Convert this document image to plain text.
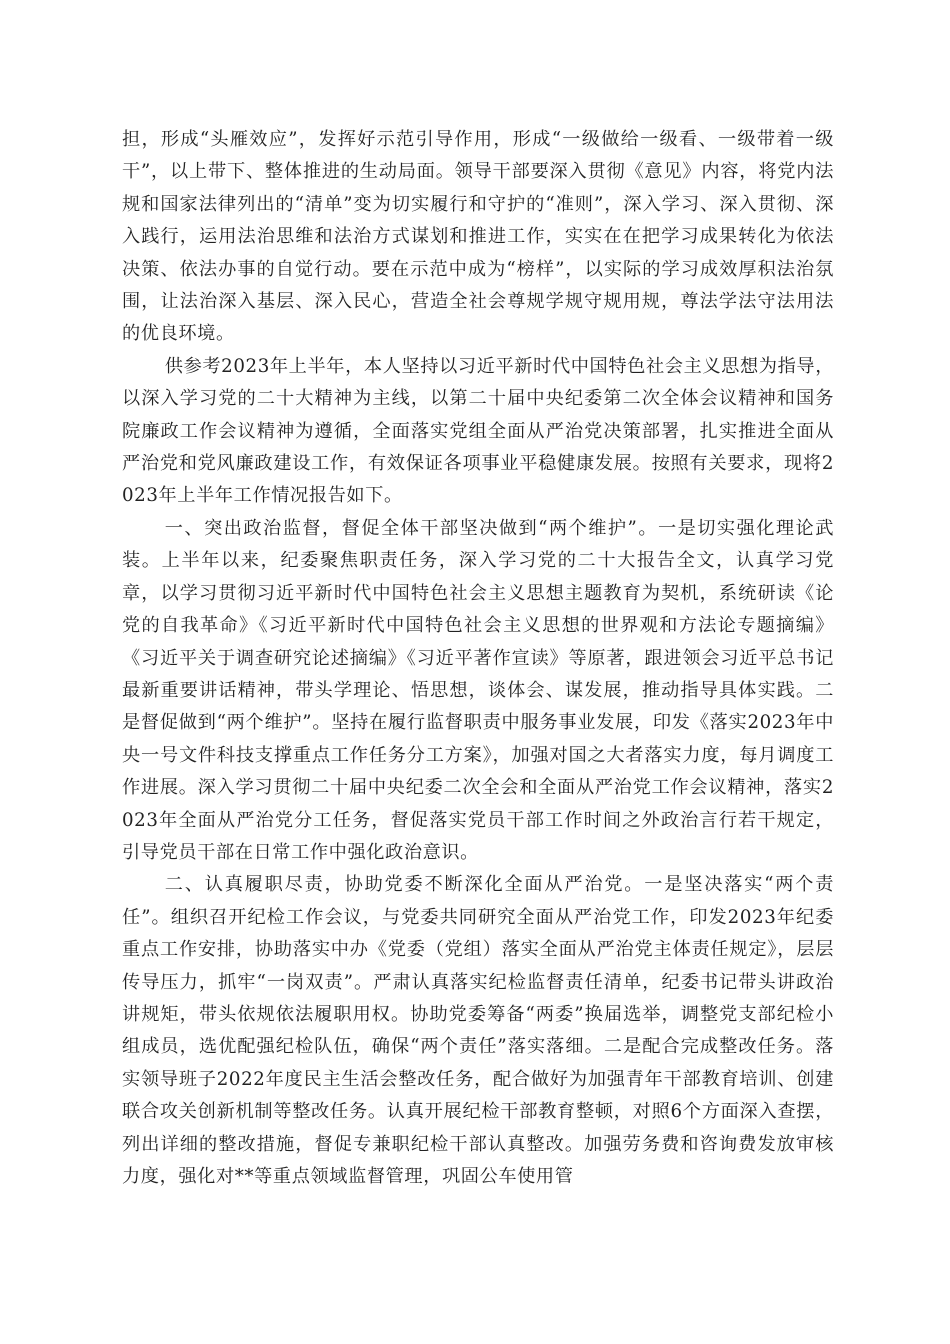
担，形成“头雁效应”，发挥好示范引导作用，形成“一级做给一级看、一级带着一级干”，以上带下、整体推进的生动局面。领导干部要深入贯彻《意见》内容，将党内法规和国家法律列出的“清单”变为切实履行和守护的“准则”，深入学习、深入贯彻、深入践行，运用法治思维和法治方式谋划和推进工作，实实在在把学习成果转化为依法决策、依法办事的自觉行动。要在示范中成为“榜样”，以实际的学习成效厚积法治氛围，让法治深入基层、深入民心，营造全社会尊规学规守规用规，尊法学法守法用法的优良环境。

供参考2023年上半年，本人坚持以习近平新时代中国特色社会主义思想为指导，以深入学习党的二十大精神为主线，以第二十届中央纪委第二次全体会议精神和国务院廉政工作会议精神为遵循，全面落实党组全面从严治党决策部署，扎实推进全面从严治党和党风廉政建设工作，有效保证各项事业平稳健康发展。按照有关要求，现将2023年上半年工作情况报告如下。

一、突出政治监督，督促全体干部坚决做到“两个维护”。一是切实强化理论武装。上半年以来，纪委聚焦职责任务，深入学习党的二十大报告全文，认真学习党章，以学习贯彻习近平新时代中国特色社会主义思想主题教育为契机，系统研读《论党的自我革命》《习近平新时代中国特色社会主义思想的世界观和方法论专题摘编》《习近平关于调查研究论述摘编》《习近平著作宣读》等原著，跟进领会习近平总书记最新重要讲话精神，带头学理论、悟思想，谈体会、谋发展，推动指导具体实践。二是督促做到“两个维护”。坚持在履行监督职责中服务事业发展，印发《落实2023年中央一号文件科技支撑重点工作任务分工方案》，加强对国之大者落实力度，每月调度工作进展。深入学习贯彻二十届中央纪委二次全会和全面从严治党工作会议精神，落实2023年全面从严治党分工任务，督促落实党员干部工作时间之外政治言行若干规定，引导党员干部在日常工作中强化政治意识。

二、认真履职尽责，协助党委不断深化全面从严治党。一是坚决落实“两个责任”。组织召开纪检工作会议，与党委共同研究全面从严治党工作，印发2023年纪委重点工作安排，协助落实中办《党委（党组）落实全面从严治党主体责任规定》，层层传导压力，抓牢“一岗双责”。严肃认真落实纪检监督责任清单，纪委书记带头讲政治讲规矩，带头依规依法履职用权。协助党委筹备“两委”换届选举，调整党支部纪检小组成员，选优配强纪检队伍，确保“两个责任”落实落细。二是配合完成整改任务。落实领导班子2022年度民主生活会整改任务，配合做好为加强青年干部教育培训、创建联合攻关创新机制等整改任务。认真开展纪检干部教育整顿，对照6个方面深入查摆，列出详细的整改措施，督促专兼职纪检干部认真整改。加强劳务费和咨询费发放审核力度，强化对**等重点领域监督管理，巩固公车使用管
